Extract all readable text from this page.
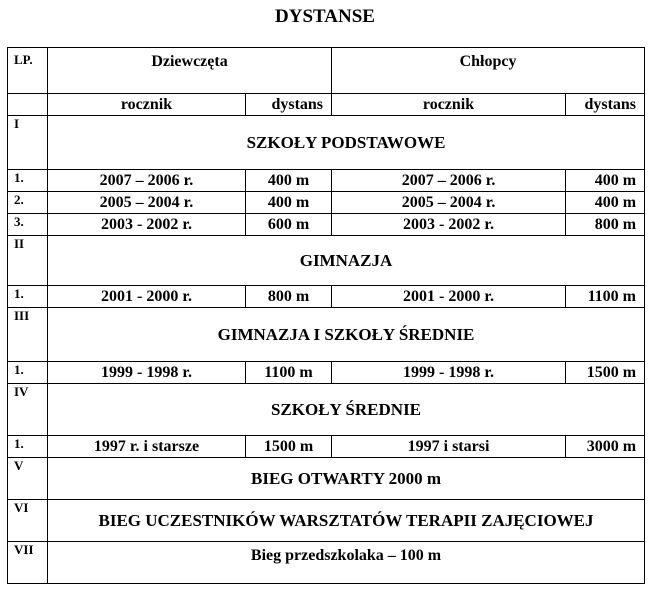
DYSTANSE
LP.	Dziewczęta		Chłopcy	
	rocznik	dystans	rocznik	dystans
I	SZKOŁY PODSTAWOWE			
1.	2007 – 2006 r.	400 m	2007 – 2006 r.	400 m
2.	2005 – 2004 r.	400 m	2005 – 2004 r.	400 m
3.	2003 - 2002 r.	600 m	2003 - 2002 r.	800 m
II	GIMNAZJA			
1.	2001 - 2000 r.	800 m	2001 - 2000 r.	1100 m
III	GIMNAZJA I SZKOŁY ŚREDNIE			
1.	1999 - 1998 r.	1100 m	1999 - 1998 r.	1500 m
IV	SZKOŁY ŚREDNIE			
1.	1997 r. i starsze	1500 m	1997 i starsi	3000 m
V	BIEG OTWARTY 2000 m			
VI	BIEG UCZESTNIKÓW WARSZTATÓW TERAPII ZAJĘCIOWEJ			
VII	Bieg przedszkolaka – 100 m			
